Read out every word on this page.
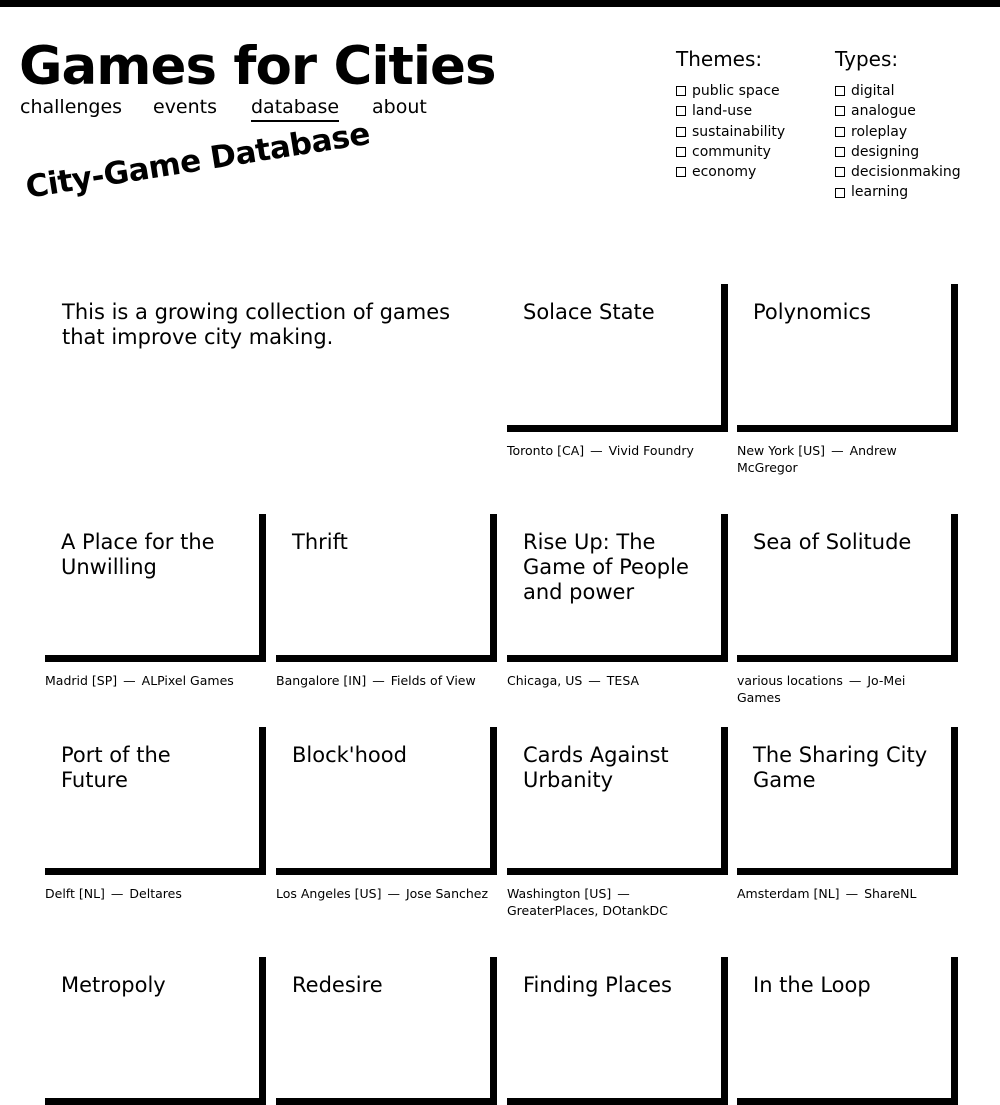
Games for Cities
challenges events database about
Themes:
public space
land-use
sustainability
community
economy
Types:
digital
analogue
roleplay
designing
decisionmaking
learning
City-Game Database

This is a growing collection of games that improve city making.

Solace State
Toronto [CA] — Vivid Foundry
Polynomics
New York [US] — Andrew McGregor
A Place for the Unwilling
Madrid [SP] — ALPixel Games
Thrift
Bangalore [IN] — Fields of View
Rise Up: The Game of People and power
Chicaga, US — TESA
Sea of Solitude
various locations — Jo-Mei Games
Port of the Future
Delft [NL] — Deltares
Block'hood
Los Angeles [US] — Jose Sanchez
Cards Against Urbanity
Washington [US] —GreaterPlaces, DOtankDC
The Sharing City Game
Amsterdam [NL] — ShareNL
Metropoly	Redesire	Finding Places	In the Loop
